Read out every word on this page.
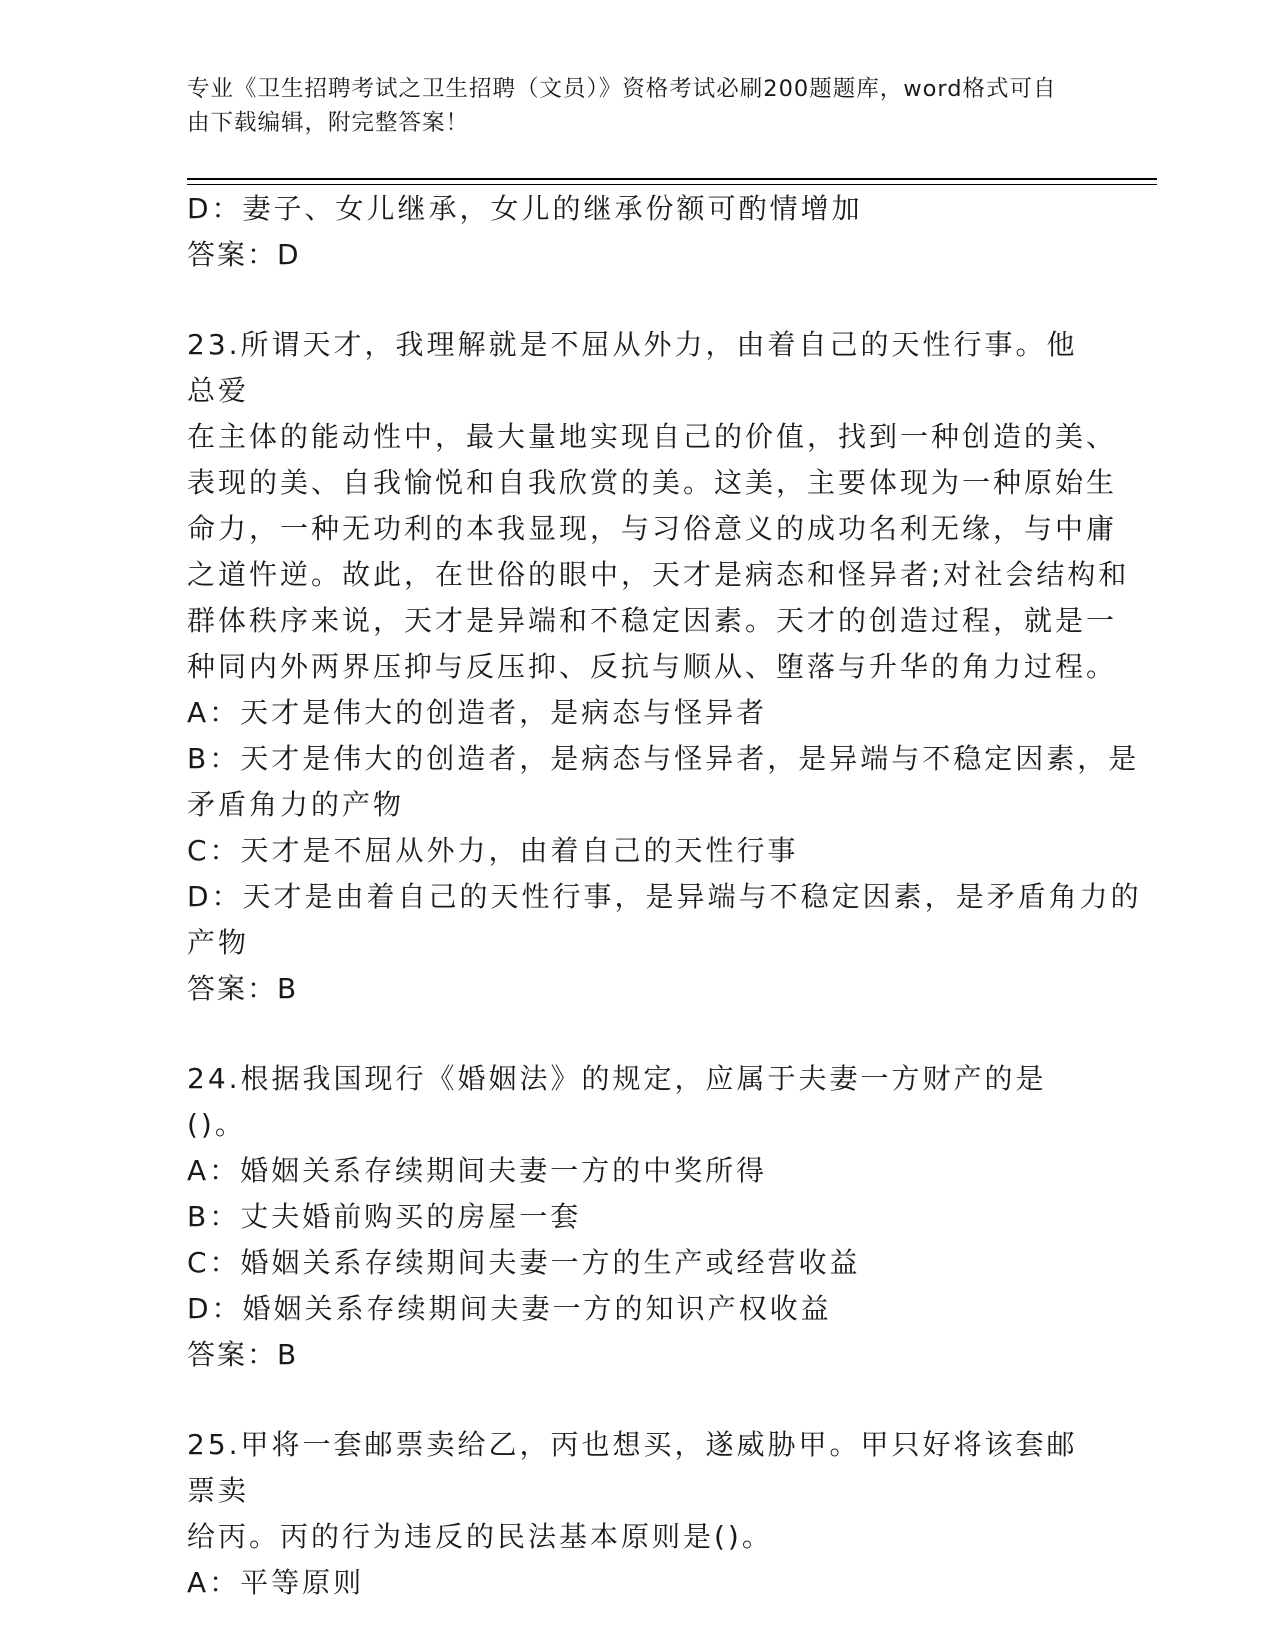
专业《卫生招聘考试之卫生招聘（文员）》资格考试必刷200题题库，word格式可自由下载编辑，附完整答案！
D：妻子、女儿继承，女儿的继承份额可酌情增加
答案：D
23.所谓天才，我理解就是不屈从外力，由着自己的天性行事。他总爱
在主体的能动性中，最大量地实现自己的价值，找到一种创造的美、
表现的美、自我愉悦和自我欣赏的美。这美，主要体现为一种原始生
命力，一种无功利的本我显现，与习俗意义的成功名利无缘，与中庸
之道忤逆。故此，在世俗的眼中，天才是病态和怪异者;对社会结构和
群体秩序来说，天才是异端和不稳定因素。天才的创造过程，就是一
种同内外两界压抑与反压抑、反抗与顺从、堕落与升华的角力过程。
A：天才是伟大的创造者，是病态与怪异者
B：天才是伟大的创造者，是病态与怪异者，是异端与不稳定因素，是
矛盾角力的产物
C：天才是不屈从外力，由着自己的天性行事
D：天才是由着自己的天性行事，是异端与不稳定因素，是矛盾角力的
产物
答案：B
24.根据我国现行《婚姻法》的规定，应属于夫妻一方财产的是()。
A：婚姻关系存续期间夫妻一方的中奖所得
B：丈夫婚前购买的房屋一套
C：婚姻关系存续期间夫妻一方的生产或经营收益
D：婚姻关系存续期间夫妻一方的知识产权收益
答案：B
25.甲将一套邮票卖给乙，丙也想买，遂威胁甲。甲只好将该套邮票卖
给丙。丙的行为违反的民法基本原则是()。
A：平等原则
